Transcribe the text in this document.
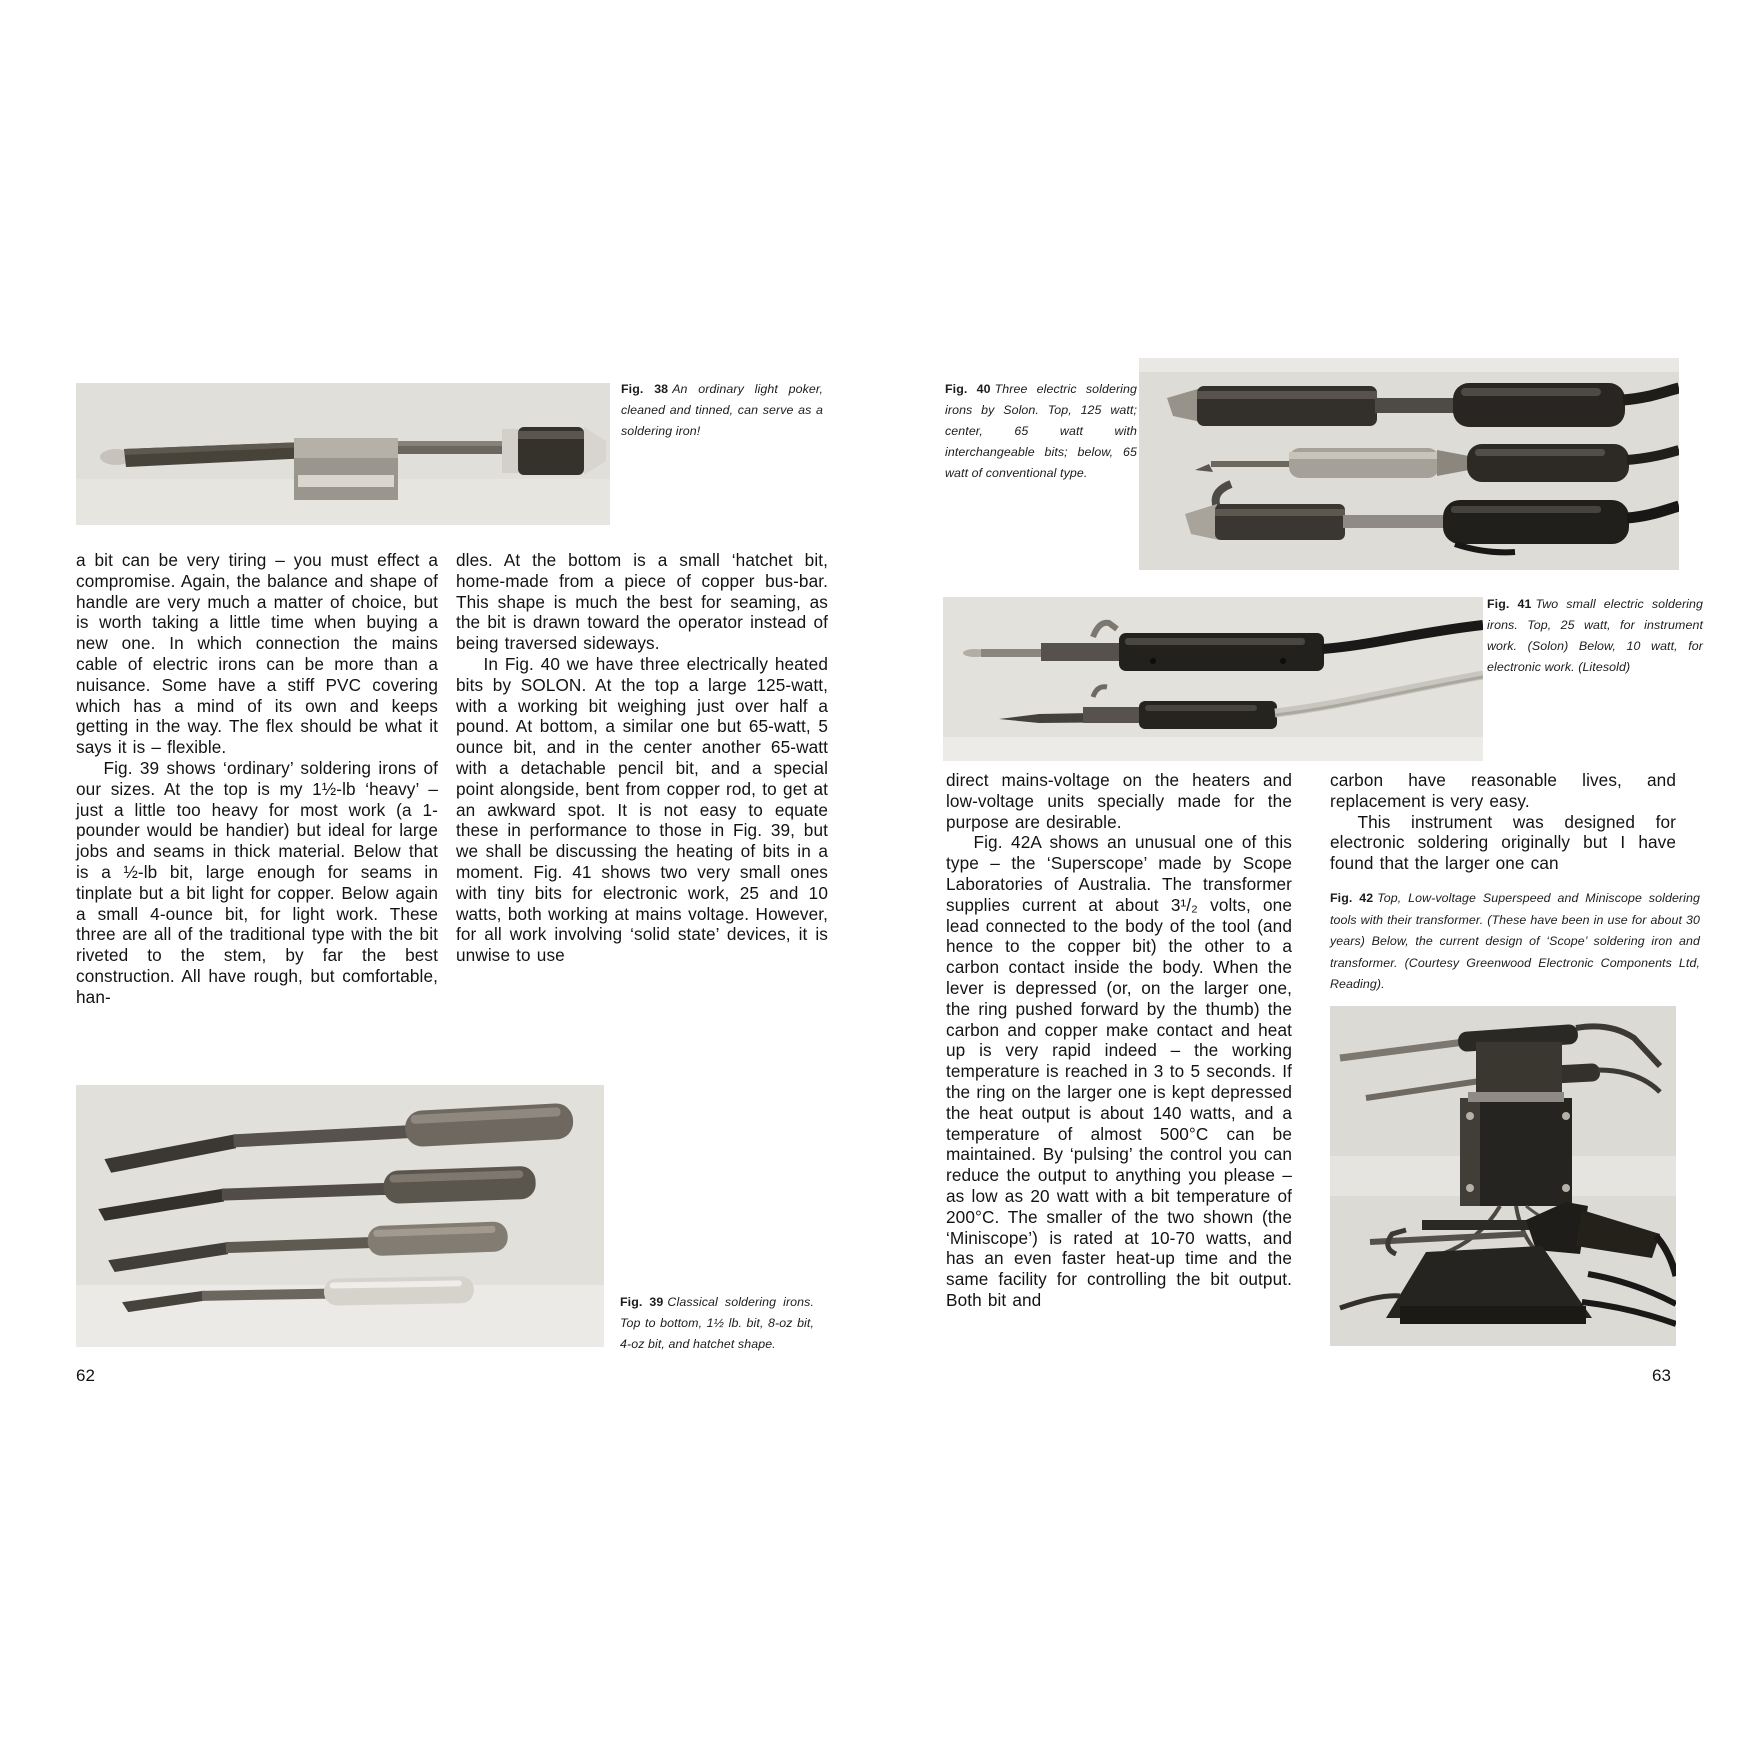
Fig. 38 An ordinary light poker, cleaned and tinned, can serve as a soldering iron!

a bit can be very tiring – you must effect a compromise. Again, the balance and shape of handle are very much a matter of choice, but is worth taking a little time when buying a new one. In which connection the mains cable of electric irons can be more than a nuisance. Some have a stiff PVC covering which has a mind of its own and keeps getting in the way. The flex should be what it says it is – flexible.

Fig. 39 shows ‘ordinary’ soldering irons of our sizes. At the top is my 1½-lb ‘heavy’ – just a little too heavy for most work (a 1-pounder would be handier) but ideal for large jobs and seams in thick material. Below that is a ½-lb bit, large enough for seams in tinplate but a bit light for copper. Below again a small 4-ounce bit, for light work. These three are all of the traditional type with the bit riveted to the stem, by far the best construction. All have rough, but comfortable, han-

dles. At the bottom is a small ‘hatchet bit, home-made from a piece of copper bus-bar. This shape is much the best for seaming, as the bit is drawn toward the operator instead of being traversed sideways.

In Fig. 40 we have three electrically heated bits by SOLON. At the top a large 125-watt, with a working bit weighing just over half a pound. At bottom, a similar one but 65-watt, 5 ounce bit, and in the center another 65-watt with a detachable pencil bit, and a special point alongside, bent from copper rod, to get at an awkward spot. It is not easy to equate these in performance to those in Fig. 39, but we shall be discussing the heating of bits in a moment. Fig. 41 shows two very small ones with tiny bits for electronic work, 25 and 10 watts, both working at mains voltage. However, for all work involving ‘solid state’ devices, it is unwise to use

Fig. 39 Classical soldering irons. Top to bottom, 1½ lb. bit, 8-oz bit, 4-oz bit, and hatchet shape.
62
Fig. 40 Three electric soldering irons by Solon. Top, 125 watt; center, 65 watt with interchangeable bits; below, 65 watt of conventional type.
Fig. 41 Two small electric soldering irons. Top, 25 watt, for instrument work. (Solon) Below, 10 watt, for electronic work. (Litesold)

direct mains-voltage on the heaters and low-voltage units specially made for the purpose are desirable.

Fig. 42A shows an unusual one of this type – the ‘Superscope’ made by Scope Laboratories of Australia. The transformer supplies current at about 3¹/₂ volts, one lead connected to the body of the tool (and hence to the copper bit) the other to a carbon contact inside the body. When the lever is depressed (or, on the larger one, the ring pushed forward by the thumb) the carbon and copper make contact and heat up is very rapid indeed – the working temperature is reached in 3 to 5 seconds. If the ring on the larger one is kept depressed the heat output is about 140 watts, and a temperature of almost 500°C can be maintained. By ‘pulsing’ the control you can reduce the output to anything you please – as low as 20 watt with a bit temperature of 200°C. The smaller of the two shown (the ‘Miniscope’) is rated at 10-70 watts, and has an even faster heat-up time and the same facility for controlling the bit output. Both bit and

carbon have reasonable lives, and replacement is very easy.

This instrument was designed for electronic soldering originally but I have found that the larger one can

Fig. 42 Top, Low-voltage Superspeed and Miniscope soldering tools with their transformer. (These have been in use for about 30 years) Below, the current design of ‘Scope’ soldering iron and transformer. (Courtesy Greenwood Electronic Components Ltd, Reading).
63
